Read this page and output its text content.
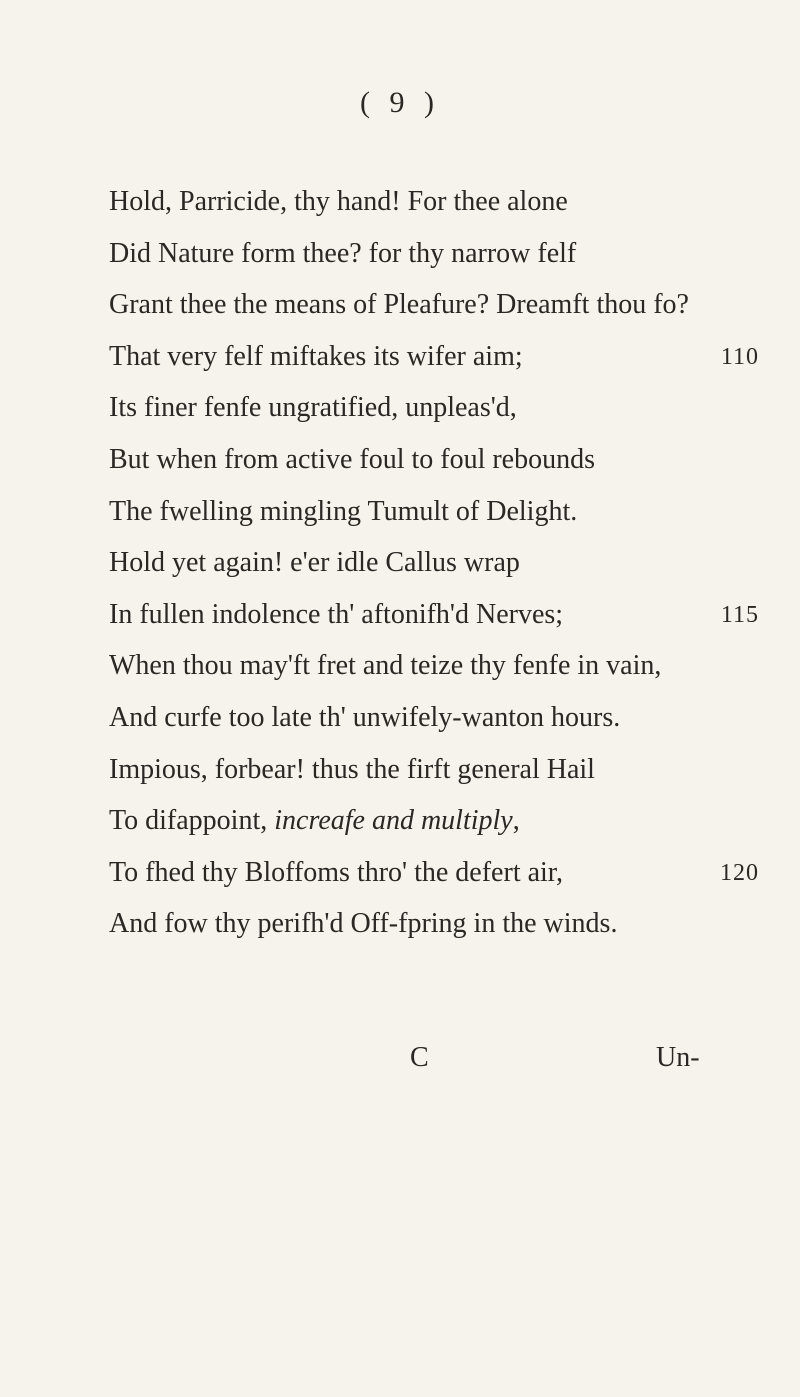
( 9 )
Hold, Parricide, thy hand! For thee alone
Did Nature form thee? for thy narrow felf
Grant thee the means of Pleafure? Dreamft thou fo?
That very felf miftakes its wifer aim;	110
Its finer fenfe ungratified, unpleas'd,
But when from active foul to foul rebounds
The fwelling mingling Tumult of Delight.
Hold yet again! e'er idle Callus wrap
In fullen indolence th' aftonifh'd Nerves;	115
When thou may'ft fret and teize thy fenfe in vain,
And curfe too late th' unwifely-wanton hours.
Impious, forbear! thus the firft general Hail
To difappoint, increafe and multiply,
To fhed thy Bloffoms thro' the defert air,	120
And fow thy perifh'd Off-fpring in the winds.
C	Un-
